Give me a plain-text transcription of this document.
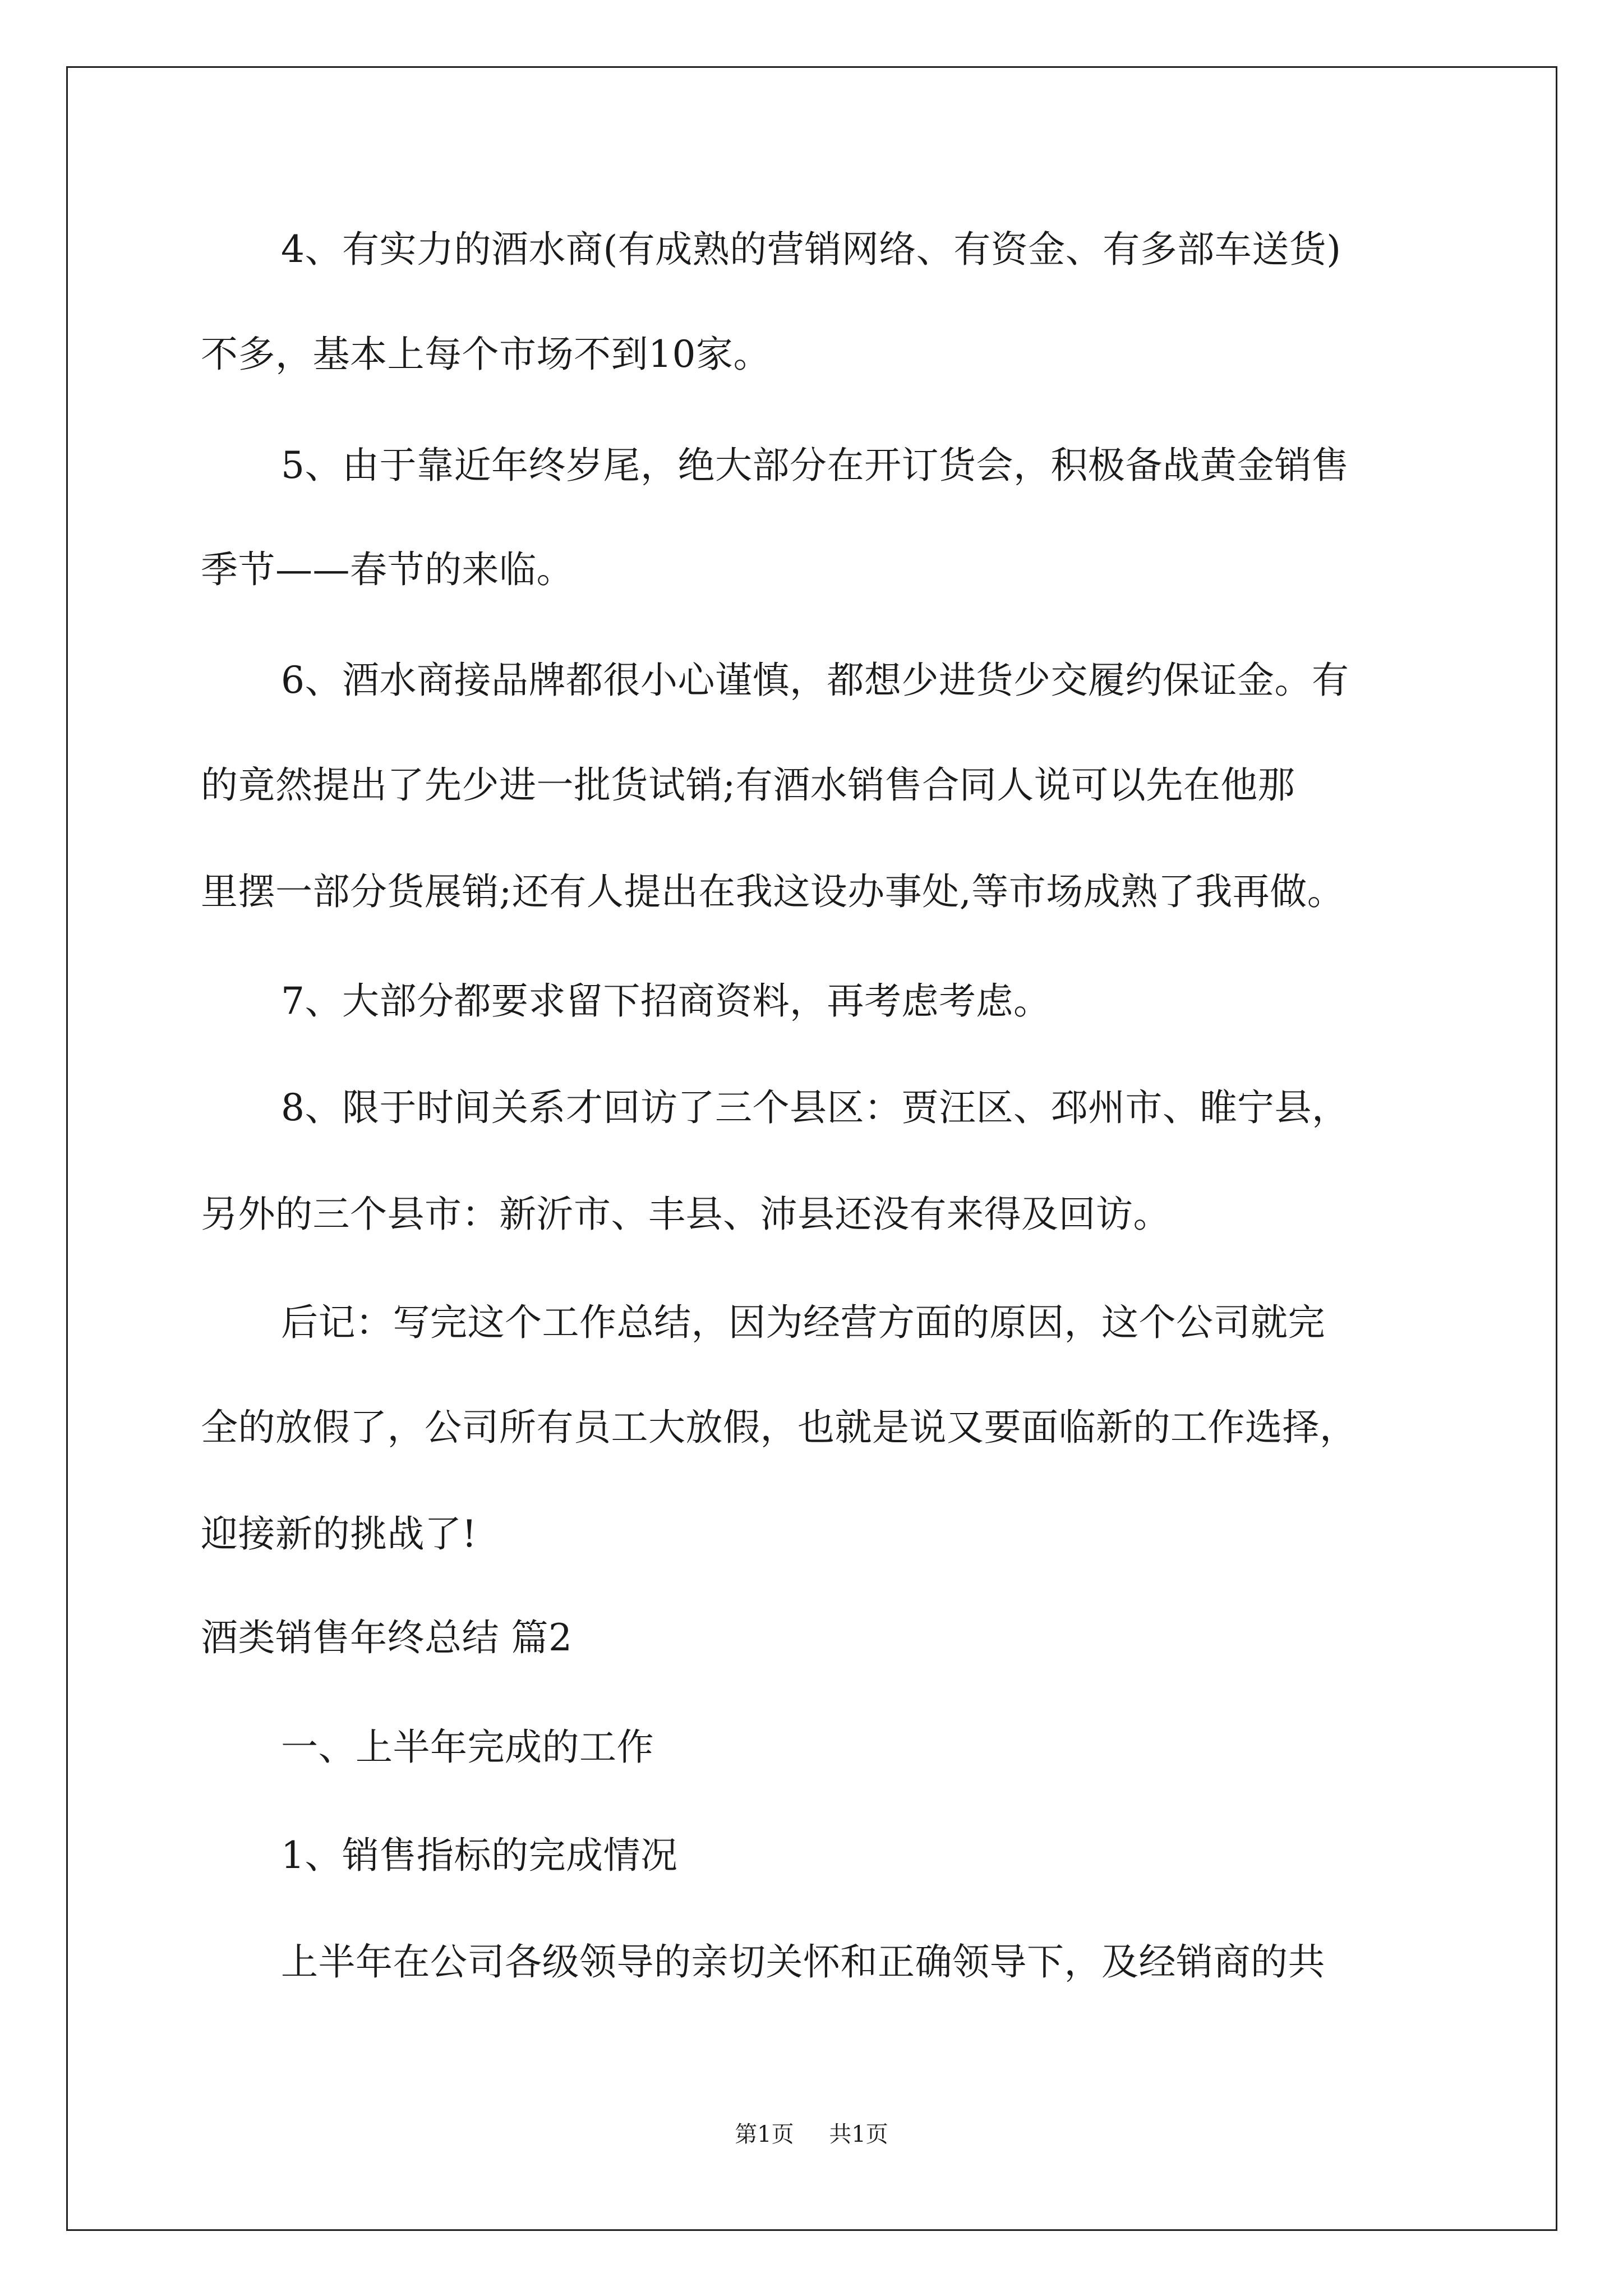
4、有实力的酒水商(有成熟的营销网络、有资金、有多部车送货)
不多，基本上每个市场不到10家。
5、由于靠近年终岁尾，绝大部分在开订货会，积极备战黄金销售
季节——春节的来临。
6、酒水商接品牌都很小心谨慎，都想少进货少交履约保证金。有
的竟然提出了先少进一批货试销;有酒水销售合同人说可以先在他那
里摆一部分货展销;还有人提出在我这设办事处,等市场成熟了我再做。
7、大部分都要求留下招商资料，再考虑考虑。
8、限于时间关系才回访了三个县区：贾汪区、邳州市、睢宁县，
另外的三个县市：新沂市、丰县、沛县还没有来得及回访。
后记：写完这个工作总结，因为经营方面的原因，这个公司就完
全的放假了，公司所有员工大放假，也就是说又要面临新的工作选择，
迎接新的挑战了!
酒类销售年终总结 篇2
一、上半年完成的工作
1、销售指标的完成情况
上半年在公司各级领导的亲切关怀和正确领导下，及经销商的共
第1页 共1页
